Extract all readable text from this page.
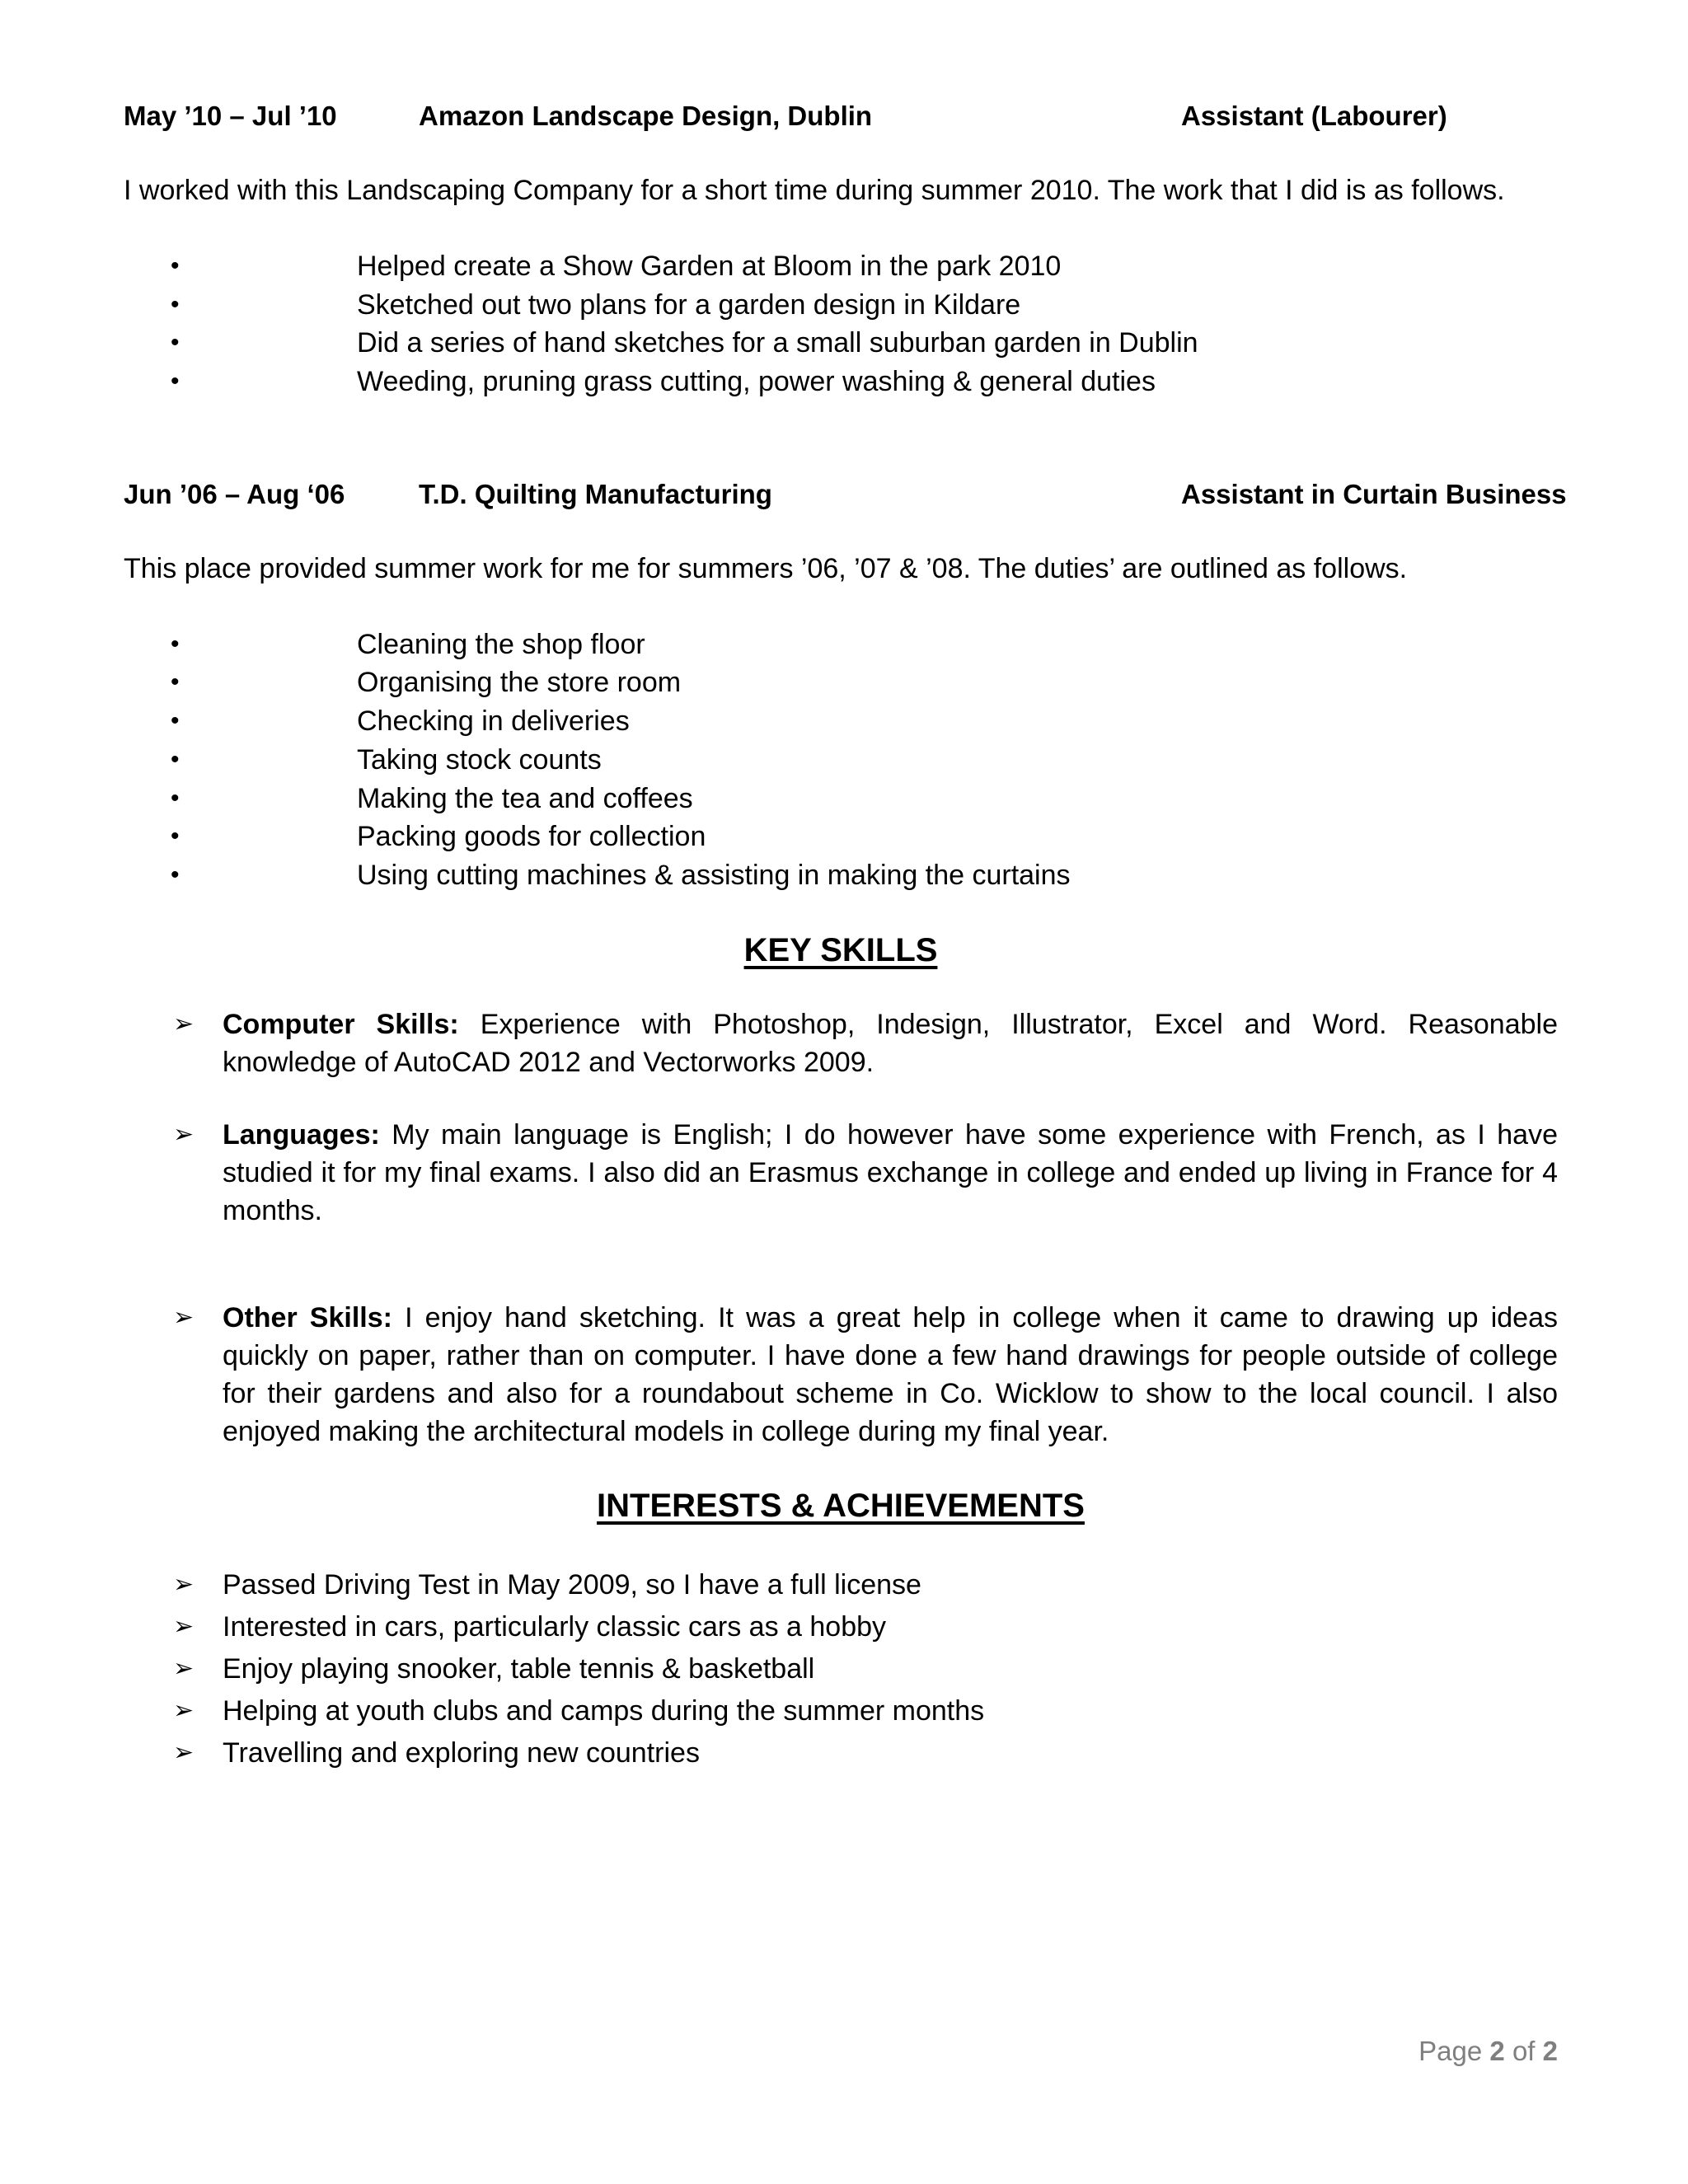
May ’10 – Jul ’10	Amazon Landscape Design, Dublin	Assistant (Labourer)

I worked with this Landscaping Company for a short time during summer 2010. The work that I did is as follows.

•	Helped create a Show Garden at Bloom in the park 2010
•	Sketched out two plans for a garden design in Kildare
•	Did a series of hand sketches for a small suburban garden in Dublin
•	Weeding, pruning grass cutting, power washing & general duties
Jun ’06 – Aug ‘06	T.D. Quilting Manufacturing	Assistant in Curtain Business

This place provided summer work for me for summers ’06, ’07 & ’08. The duties’ are outlined as follows.

•	Cleaning the shop floor
•	Organising the store room
•	Checking in deliveries
•	Taking stock counts
•	Making the tea and coffees
•	Packing goods for collection
•	Using cutting machines & assisting in making the curtains
KEY SKILLS
➢ Computer Skills: Experience with Photoshop, Indesign, Illustrator, Excel and Word. Reasonable knowledge of AutoCAD 2012 and Vectorworks 2009.
➢ Languages: My main language is English; I do however have some experience with French, as I have studied it for my final exams. I also did an Erasmus exchange in college and ended up living in France for 4 months.
➢ Other Skills: I enjoy hand sketching. It was a great help in college when it came to drawing up ideas quickly on paper, rather than on computer. I have done a few hand drawings for people outside of college for their gardens and also for a roundabout scheme in Co. Wicklow to show to the local council. I also enjoyed making the architectural models in college during my final year.
INTERESTS & ACHIEVEMENTS
➢ Passed Driving Test in May 2009, so I have a full license
➢ Interested in cars, particularly classic cars as a hobby
➢ Enjoy playing snooker, table tennis & basketball
➢ Helping at youth clubs and camps during the summer months
➢ Travelling and exploring new countries
Page 2 of 2
